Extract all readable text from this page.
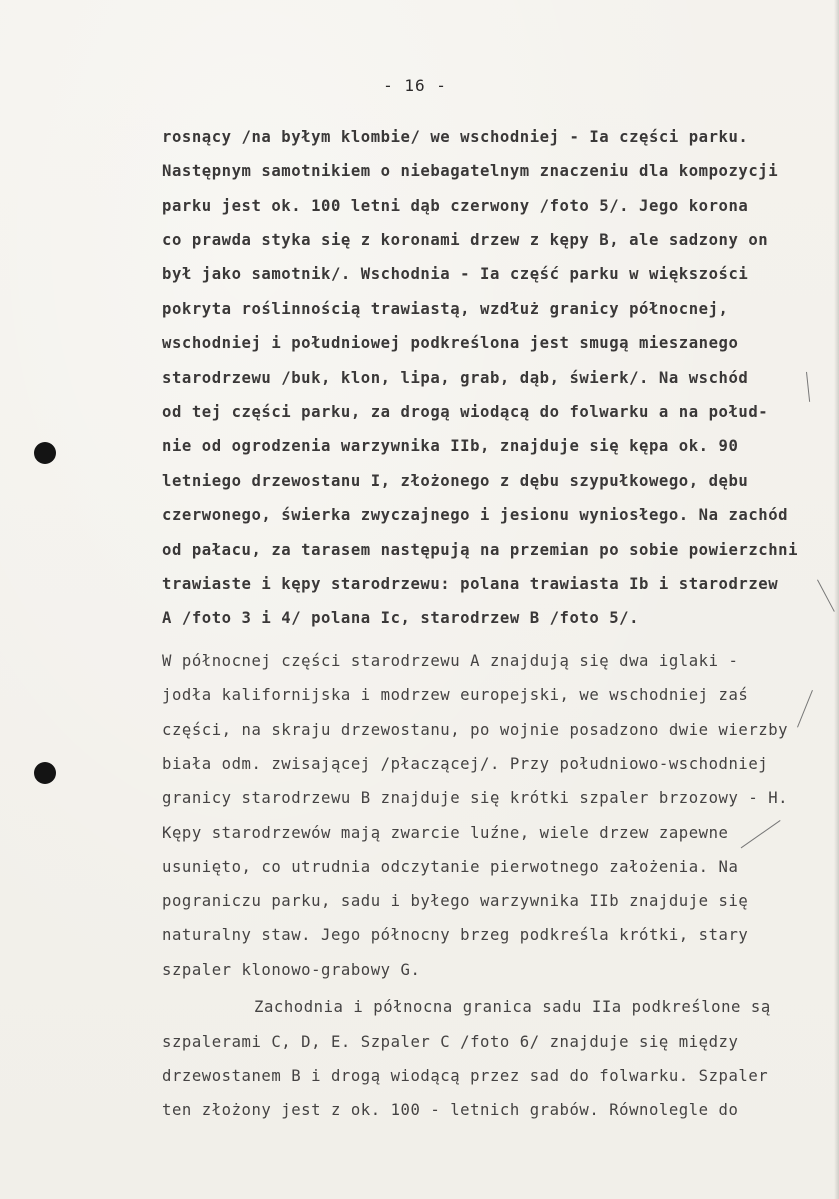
- 16 -
rosnący /na byłym klombie/ we wschodniej - Ia części parku.
Następnym samotnikiem o niebagatelnym znaczeniu dla kompozycji
parku jest ok. 100 letni dąb czerwony /foto 5/. Jego korona
co prawda styka się z koronami drzew z kępy B, ale sadzony on
był jako samotnik/. Wschodnia - Ia część parku w większości
pokryta roślinnością trawiastą, wzdłuż granicy północnej,
wschodniej i południowej podkreślona jest smugą mieszanego
starodrzewu /buk, klon, lipa, grab, dąb, świerk/. Na wschód
od tej części parku, za drogą wiodącą do folwarku a na połud-
nie od ogrodzenia warzywnika IIb, znajduje się kępa ok. 90
letniego drzewostanu I, złożonego z dębu szypułkowego, dębu
czerwonego, świerka zwyczajnego i jesionu wyniosłego. Na zachód
od pałacu, za tarasem następują na przemian po sobie powierzchni
trawiaste i kępy starodrzewu: polana trawiasta Ib i starodrzew
A /foto 3 i 4/ polana Ic, starodrzew B /foto 5/.
W północnej części starodrzewu A znajdują się dwa iglaki -
jodła kalifornijska i modrzew europejski, we wschodniej zaś
części, na skraju drzewostanu, po wojnie posadzono dwie wierzby
biała odm. zwisającej /płaczącej/. Przy południowo-wschodniej
granicy starodrzewu B znajduje się krótki szpaler brzozowy - H.
Kępy starodrzewów mają zwarcie luźne, wiele drzew zapewne
usunięto, co utrudnia odczytanie pierwotnego założenia. Na
pograniczu parku, sadu i byłego warzywnika IIb znajduje się
naturalny staw. Jego północny brzeg podkreśla krótki, stary
szpaler klonowo-grabowy G.
Zachodnia i północna granica sadu IIa podkreślone są
szpalerami C, D, E. Szpaler C /foto 6/ znajduje się między
drzewostanem B i drogą wiodącą przez sad do folwarku. Szpaler
ten złożony jest z ok. 100 - letnich grabów. Równolegle do
